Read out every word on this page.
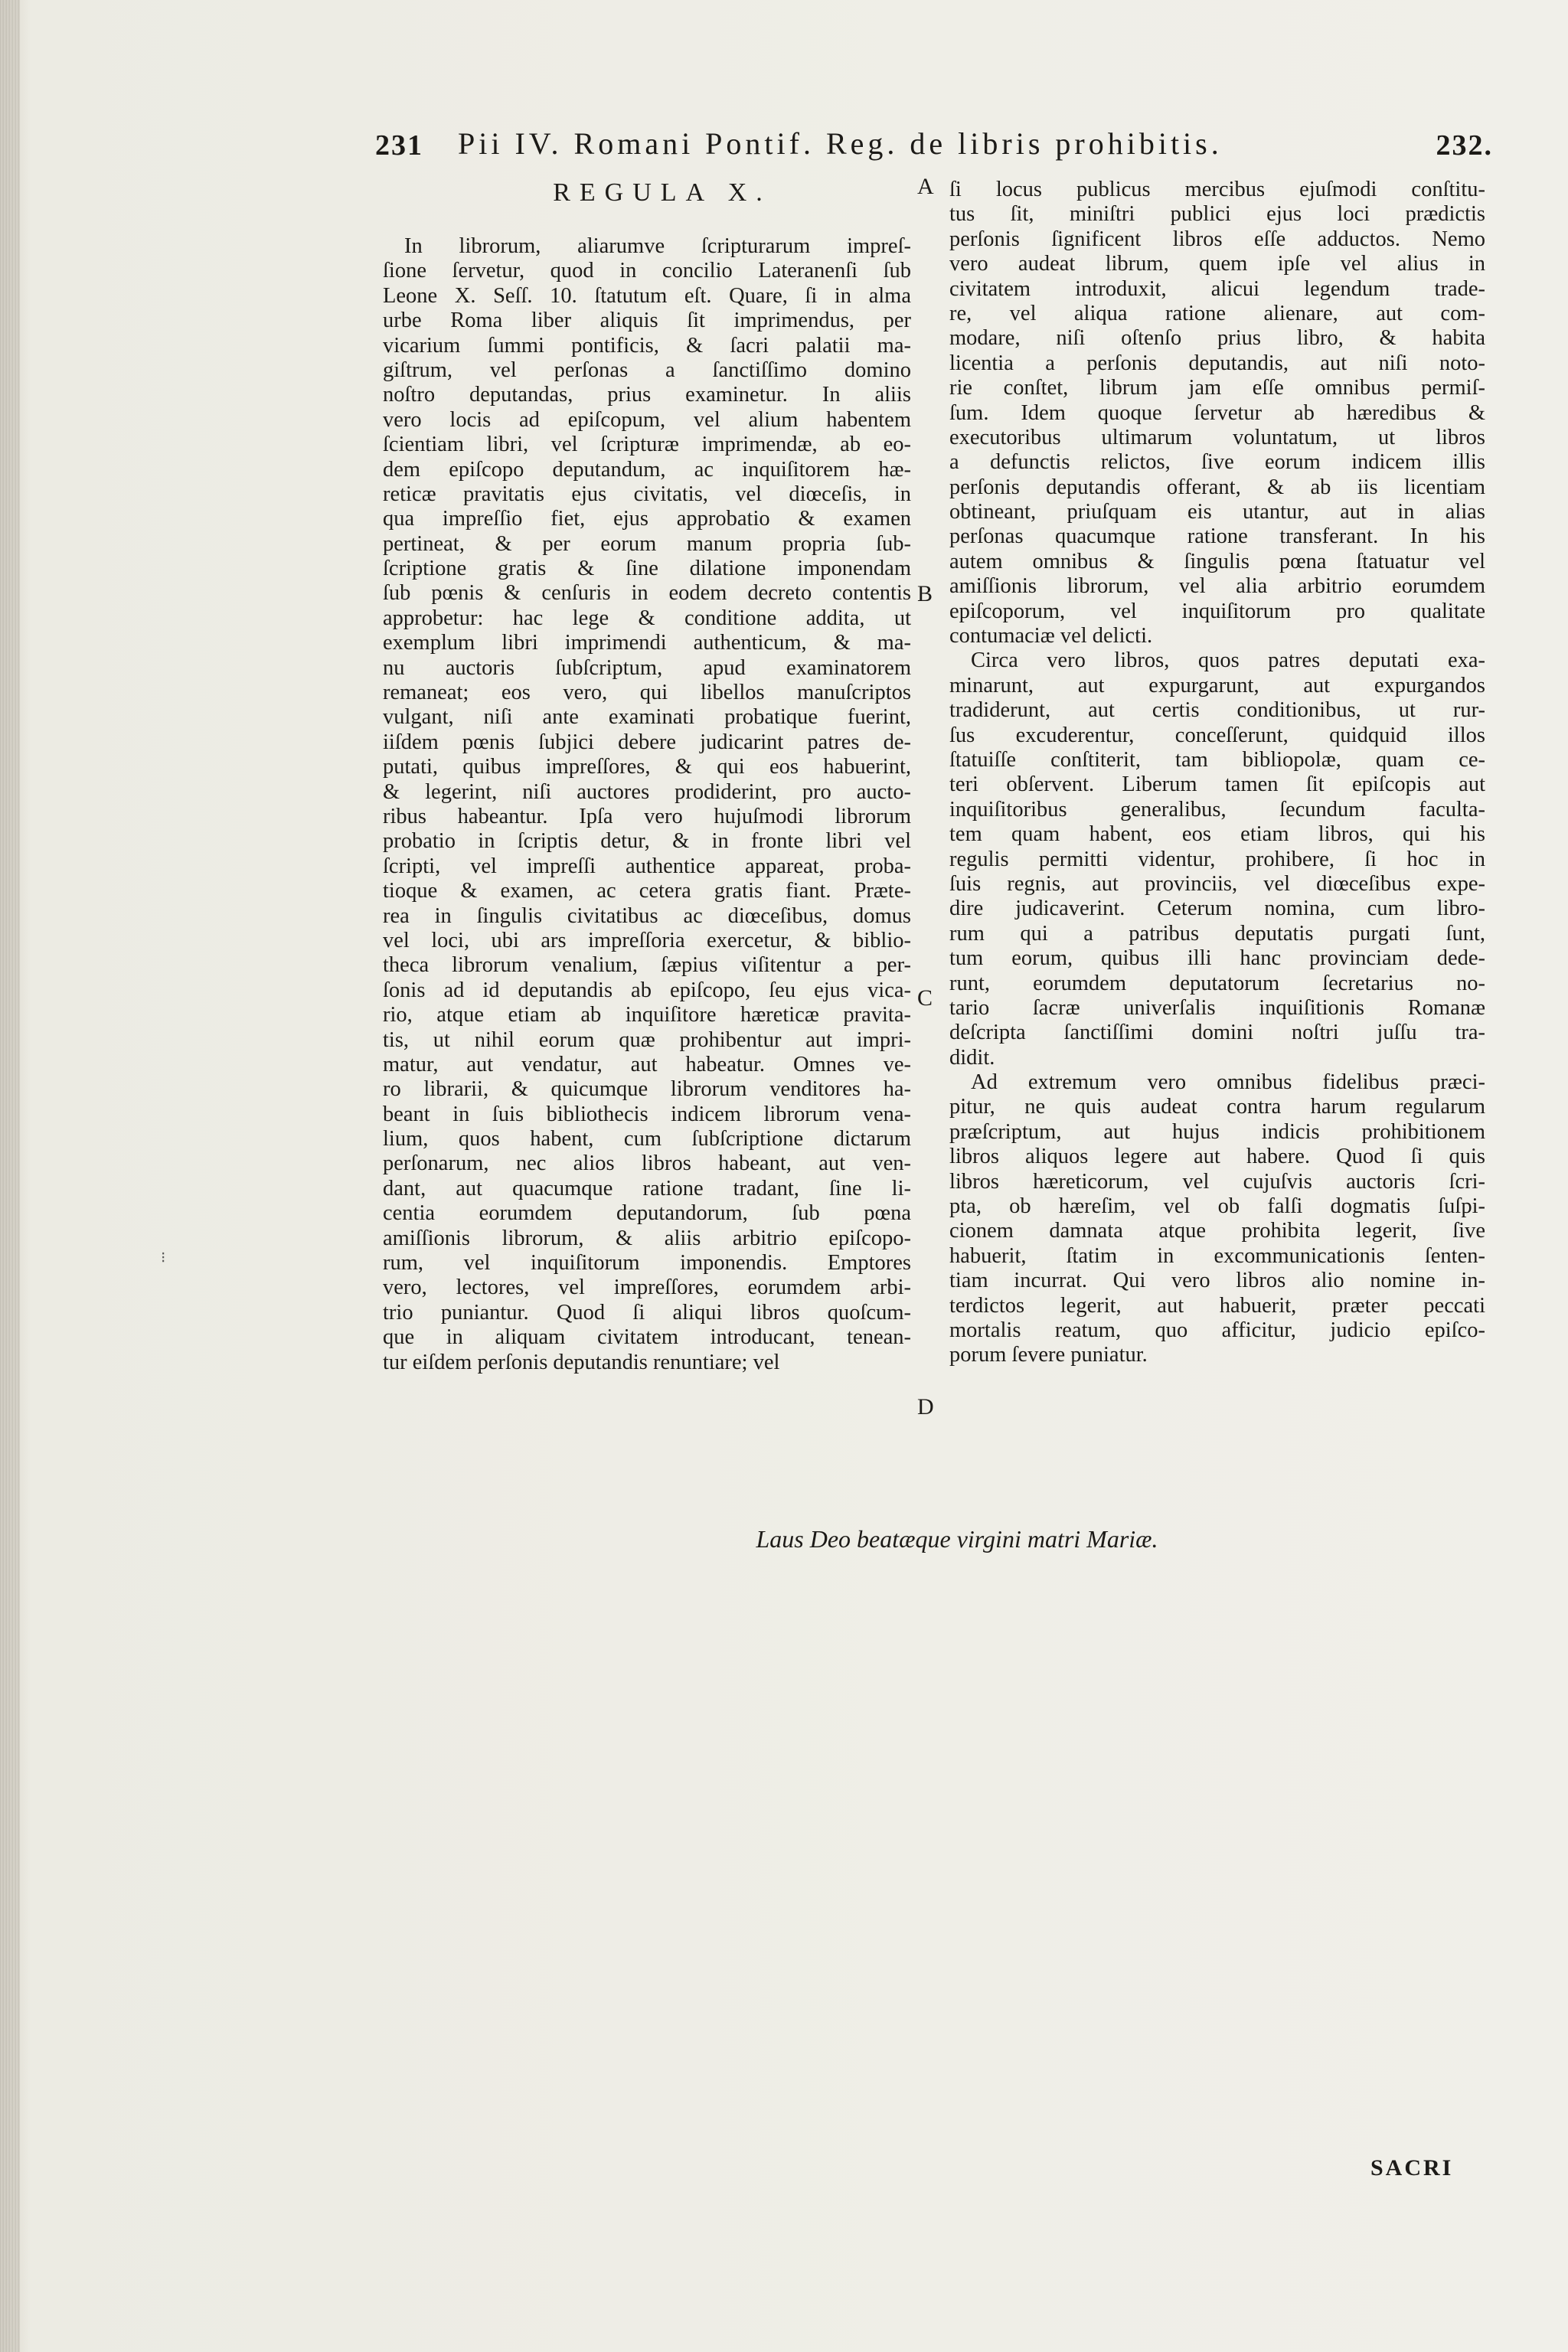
231 Pii IV. Romani Pontif. Reg. de libris prohibitis.	232.
REGULA X.
In librorum, aliarumve ſcripturarum impreſ-
ſione ſervetur, quod in concilio Lateranenſi ſub
Leone X. Seſſ. 10. ſtatutum eſt. Quare, ſi in alma
urbe Roma liber aliquis ſit imprimendus, per
vicarium ſummi pontificis, & ſacri palatii ma-
giſtrum, vel perſonas a ſanctiſſimo domino
noſtro deputandas, prius examinetur. In aliis
vero locis ad epiſcopum, vel alium habentem
ſcientiam libri, vel ſcripturæ imprimendæ, ab eo-
dem epiſcopo deputandum, ac inquiſitorem hæ-
reticæ pravitatis ejus civitatis, vel diœceſis, in
qua impreſſio fiet, ejus approbatio & examen
pertineat, & per eorum manum propria ſub-
ſcriptione gratis & ſine dilatione imponendam
ſub pœnis & cenſuris in eodem decreto contentis
approbetur: hac lege & conditione addita, ut
exemplum libri imprimendi authenticum, & ma-
nu auctoris ſubſcriptum, apud examinatorem
remaneat; eos vero, qui libellos manuſcriptos
vulgant, niſi ante examinati probatique fuerint,
iiſdem pœnis ſubjici debere judicarint patres de-
putati, quibus impreſſores, & qui eos habuerint,
& legerint, niſi auctores prodiderint, pro aucto-
ribus habeantur. Ipſa vero hujuſmodi librorum
probatio in ſcriptis detur, & in fronte libri vel
ſcripti, vel impreſſi authentice appareat, proba-
tioque & examen, ac cetera gratis fiant. Præte-
rea in ſingulis civitatibus ac diœceſibus, domus
vel loci, ubi ars impreſſoria exercetur, & biblio-
theca librorum venalium, ſæpius viſitentur a per-
ſonis ad id deputandis ab epiſcopo, ſeu ejus vica-
rio, atque etiam ab inquiſitore hæreticæ pravita-
tis, ut nihil eorum quæ prohibentur aut impri-
matur, aut vendatur, aut habeatur. Omnes ve-
ro librarii, & quicumque librorum venditores ha-
beant in ſuis bibliothecis indicem librorum vena-
lium, quos habent, cum ſubſcriptione dictarum
perſonarum, nec alios libros habeant, aut ven-
dant, aut quacumque ratione tradant, ſine li-
centia eorumdem deputandorum, ſub pœna
amiſſionis librorum, & aliis arbitrio epiſcopo-
rum, vel inquiſitorum imponendis. Emptores
vero, lectores, vel impreſſores, eorumdem arbi-
trio puniantur. Quod ſi aliqui libros quoſcum-
que in aliquam civitatem introducant, tenean-
tur eiſdem perſonis deputandis renuntiare; vel
ſi locus publicus mercibus ejuſmodi conſtitu-
tus ſit, miniſtri publici ejus loci prædictis
perſonis ſignificent libros eſſe adductos. Nemo
vero audeat librum, quem ipſe vel alius in
civitatem introduxit, alicui legendum trade-
re, vel aliqua ratione alienare, aut com-
modare, niſi oſtenſo prius libro, & habita
licentia a perſonis deputandis, aut niſi noto-
rie conſtet, librum jam eſſe omnibus permiſ-
ſum. Idem quoque ſervetur ab hæredibus &
executoribus ultimarum voluntatum, ut libros
a defunctis relictos, ſive eorum indicem illis
perſonis deputandis offerant, & ab iis licentiam
obtineant, priuſquam eis utantur, aut in alias
perſonas quacumque ratione transferant. In his
autem omnibus & ſingulis pœna ſtatuatur vel
amiſſionis librorum, vel alia arbitrio eorumdem
epiſcoporum, vel inquiſitorum pro qualitate
contumaciæ vel delicti.
Circa vero libros, quos patres deputati exa-
minarunt, aut expurgarunt, aut expurgandos
tradiderunt, aut certis conditionibus, ut rur-
ſus excuderentur, conceſſerunt, quidquid illos
ſtatuiſſe conſtiterit, tam bibliopolæ, quam ce-
teri obſervent. Liberum tamen ſit epiſcopis aut
inquiſitoribus generalibus, ſecundum faculta-
tem quam habent, eos etiam libros, qui his
regulis permitti videntur, prohibere, ſi hoc in
ſuis regnis, aut provinciis, vel diœceſibus expe-
dire judicaverint. Ceterum nomina, cum libro-
rum qui a patribus deputatis purgati ſunt,
tum eorum, quibus illi hanc provinciam dede-
runt, eorumdem deputatorum ſecretarius no-
tario ſacræ univerſalis inquiſitionis Romanæ
deſcripta ſanctiſſimi domini noſtri juſſu tra-
didit.
Ad extremum vero omnibus fidelibus præci-
pitur, ne quis audeat contra harum regularum
præſcriptum, aut hujus indicis prohibitionem
libros aliquos legere aut habere. Quod ſi quis
libros hæreticorum, vel cujuſvis auctoris ſcri-
pta, ob hæreſim, vel ob falſi dogmatis ſuſpi-
cionem damnata atque prohibita legerit, ſive
habuerit, ſtatim in excommunicationis ſenten-
tiam incurrat. Qui vero libros alio nomine in-
terdictos legerit, aut habuerit, præter peccati
mortalis reatum, quo afficitur, judicio epiſco-
porum ſevere puniatur.
A
B
C
D
⁝
Laus Deo beatæque virgini matri Mariæ.
SACRI
